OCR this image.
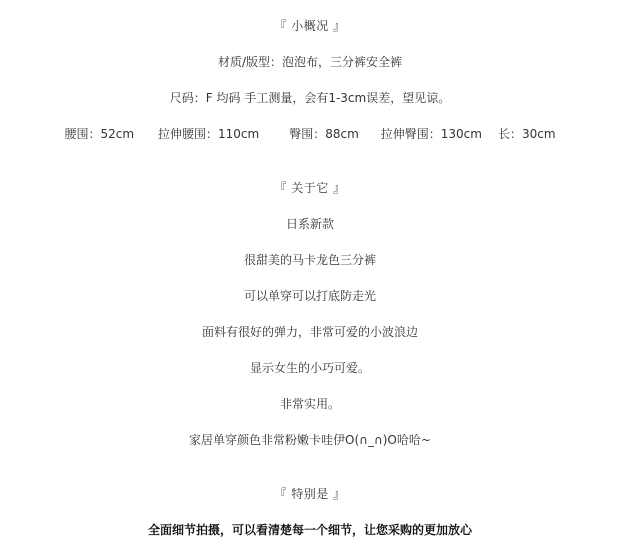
『 小概况 』
材质/版型：泡泡布，三分裤安全裤
尺码：F 均码 手工测量，会有1-3cm误差，望见谅。
腰围：52cm 拉伸腰围：110cm	臀围：88cm 拉伸臀围：130cm 长：30cm
『 关于它 』
日系新款
很甜美的马卡龙色三分裤
可以单穿可以打底防走光
面料有很好的弹力，非常可爱的小波浪边
显示女生的小巧可爱。
非常实用。
家居单穿颜色非常粉嫩卡哇伊O(∩_∩)O哈哈~
『 特别是 』
全面细节拍摄，可以看清楚每一个细节，让您采购的更加放心
